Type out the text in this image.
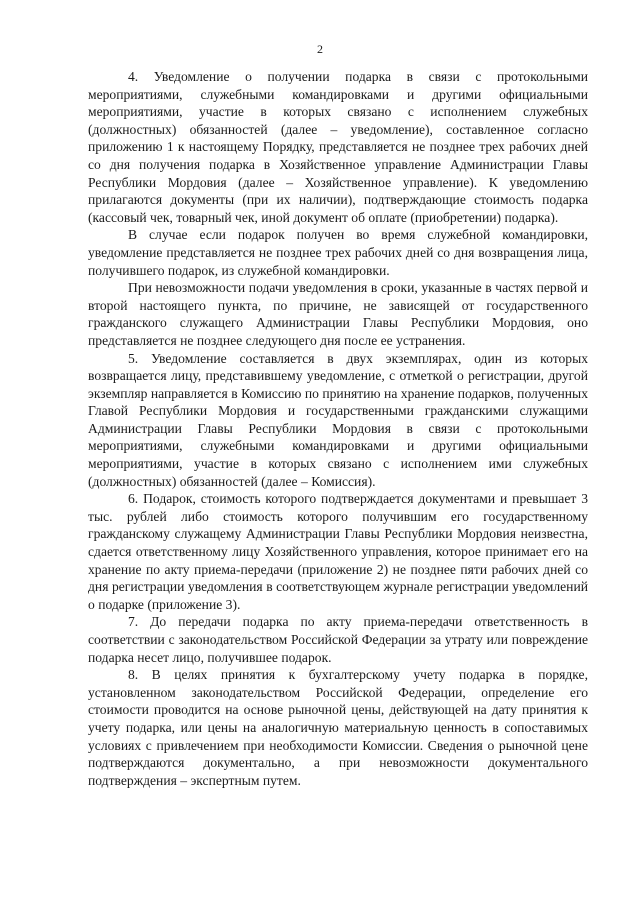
2

4. Уведомление о получении подарка в связи с протокольными мероприятиями, служебными командировками и другими официальными мероприятиями, участие в которых связано с исполнением служебных (должностных) обязанностей (далее – уведомление), составленное согласно приложению 1 к настоящему Порядку, представляется не позднее трех рабочих дней со дня получения подарка в Хозяйственное управление Администрации Главы Республики Мордовия (далее – Хозяйственное управление). К уведомлению прилагаются документы (при их наличии), подтверждающие стоимость подарка (кассовый чек, товарный чек, иной документ об оплате (приобретении) подарка).

В случае если подарок получен во время служебной командировки, уведомление представляется не позднее трех рабочих дней со дня возвращения лица, получившего подарок, из служебной командировки.

При невозможности подачи уведомления в сроки, указанные в частях первой и второй настоящего пункта, по причине, не зависящей от государственного гражданского служащего Администрации Главы Республики Мордовия, оно представляется не позднее следующего дня после ее устранения.

5. Уведомление составляется в двух экземплярах, один из которых возвращается лицу, представившему уведомление, с отметкой о регистрации, другой экземпляр направляется в Комиссию по принятию на хранение подарков, полученных Главой Республики Мордовия и государственными гражданскими служащими Администрации Главы Республики Мордовия в связи с протокольными мероприятиями, служебными командировками и другими официальными мероприятиями, участие в которых связано с исполнением ими служебных (должностных) обязанностей (далее – Комиссия).

6. Подарок, стоимость которого подтверждается документами и превышает 3 тыс. рублей либо стоимость которого получившим его государственному гражданскому служащему Администрации Главы Республики Мордовия неизвестна, сдается ответственному лицу Хозяйственного управления, которое принимает его на хранение по акту приема-передачи (приложение 2) не позднее пяти рабочих дней со дня регистрации уведомления в соответствующем журнале регистрации уведомлений о подарке (приложение 3).

7. До передачи подарка по акту приема-передачи ответственность в соответствии с законодательством Российской Федерации за утрату или повреждение подарка несет лицо, получившее подарок.

8. В целях принятия к бухгалтерскому учету подарка в порядке, установленном законодательством Российской Федерации, определение его стоимости проводится на основе рыночной цены, действующей на дату принятия к учету подарка, или цены на аналогичную материальную ценность в сопоставимых условиях с привлечением при необходимости Комиссии. Сведения о рыночной цене подтверждаются документально, а при невозможности документального подтверждения – экспертным путем.
